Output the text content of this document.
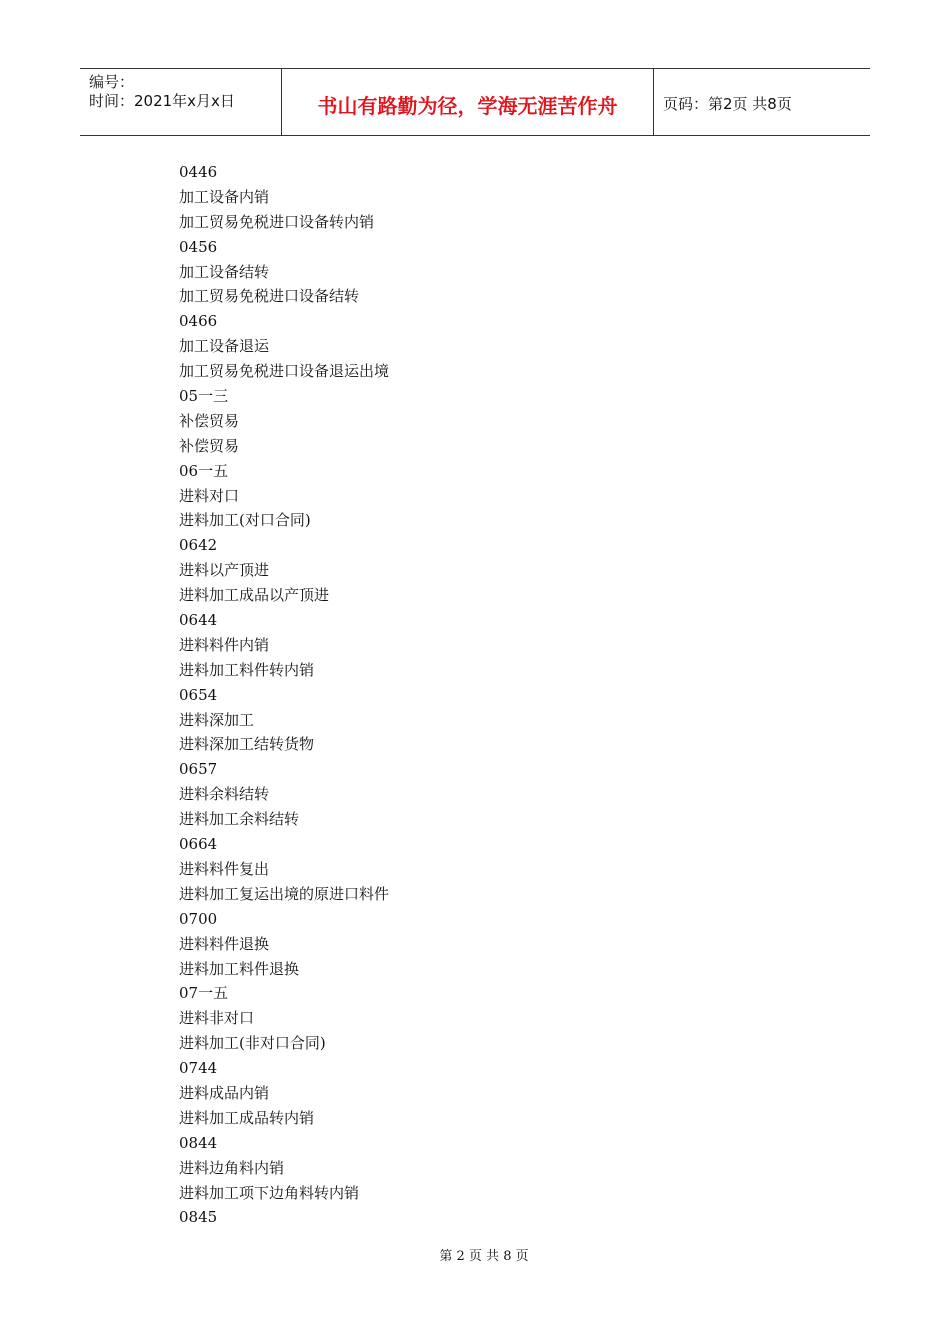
编号：
时间：2021年x月x日	书山有路勤为径，学海无涯苦作舟	页码：第2页 共8页
0446
加工设备内销
加工贸易免税进口设备转内销
0456
加工设备结转
加工贸易免税进口设备结转
0466
加工设备退运
加工贸易免税进口设备退运出境
05一三
补偿贸易
补偿贸易
06一五
进料对口
进料加工(对口合同)
0642
进料以产顶进
进料加工成品以产顶进
0644
进料料件内销
进料加工料件转内销
0654
进料深加工
进料深加工结转货物
0657
进料余料结转
进料加工余料结转
0664
进料料件复出
进料加工复运出境的原进口料件
0700
进料料件退换
进料加工料件退换
07一五
进料非对口
进料加工(非对口合同)
0744
进料成品内销
进料加工成品转内销
0844
进料边角料内销
进料加工项下边角料转内销
0845
第 2 页 共 8 页
